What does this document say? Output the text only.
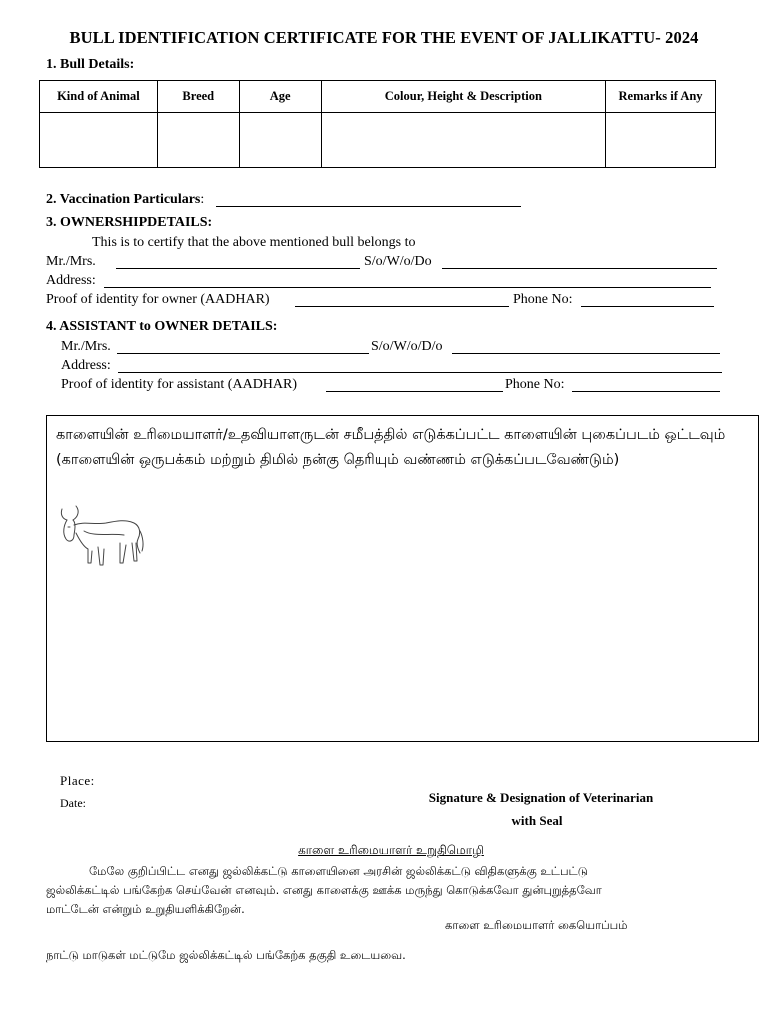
BULL IDENTIFICATION CERTIFICATE FOR THE EVENT OF JALLIKATTU- 2024
1. Bull Details:
Kind of Animal	Breed	Age	Colour, Height & Description	Remarks if Any

2. Vaccination Particulars:
3. OWNERSHIPDETAILS:
This is to certify that the above mentioned bull belongs to
Mr./Mrs.	S/o/W/o/Do
Address:
Proof of identity for owner (AADHAR)	Phone No:
4. ASSISTANT to OWNER DETAILS:
Mr./Mrs.	S/o/W/o/D/o
Address:
Proof of identity for assistant (AADHAR)	Phone No:
காளையின் உரிமையாளர்/உதவியாளருடன் சமீபத்தில் எடுக்கப்பட்ட காளையின் புகைப்படம் ஒட்டவும் (காளையின் ஒருபக்கம் மற்றும் திமில் நன்கு தெரியும் வண்ணம் எடுக்கப்படவேண்டும்)
Place:
Date:	Signature & Designation of Veterinarian
with Seal
காளை உரிமையாளர் உறுதிமொழி
மேலே குறிப்பிட்ட எனது ஜல்லிக்கட்டு காளையினை அரசின் ஜல்லிக்கட்டு விதிகளுக்கு உட்பட்டு
ஜல்லிக்கட்டில் பங்கேற்க செய்வேன் எனவும். எனது காளைக்கு ஊக்க மருந்து கொடுக்கவோ துன்புறுத்தவோ
மாட்டேன் என்றும் உறுதியளிக்கிறேன்.
காளை உரிமையாளர் கையொப்பம்
நாட்டு மாடுகள் மட்டுமே ஜல்லிக்கட்டில் பங்கேற்க தகுதி உடையவை.
